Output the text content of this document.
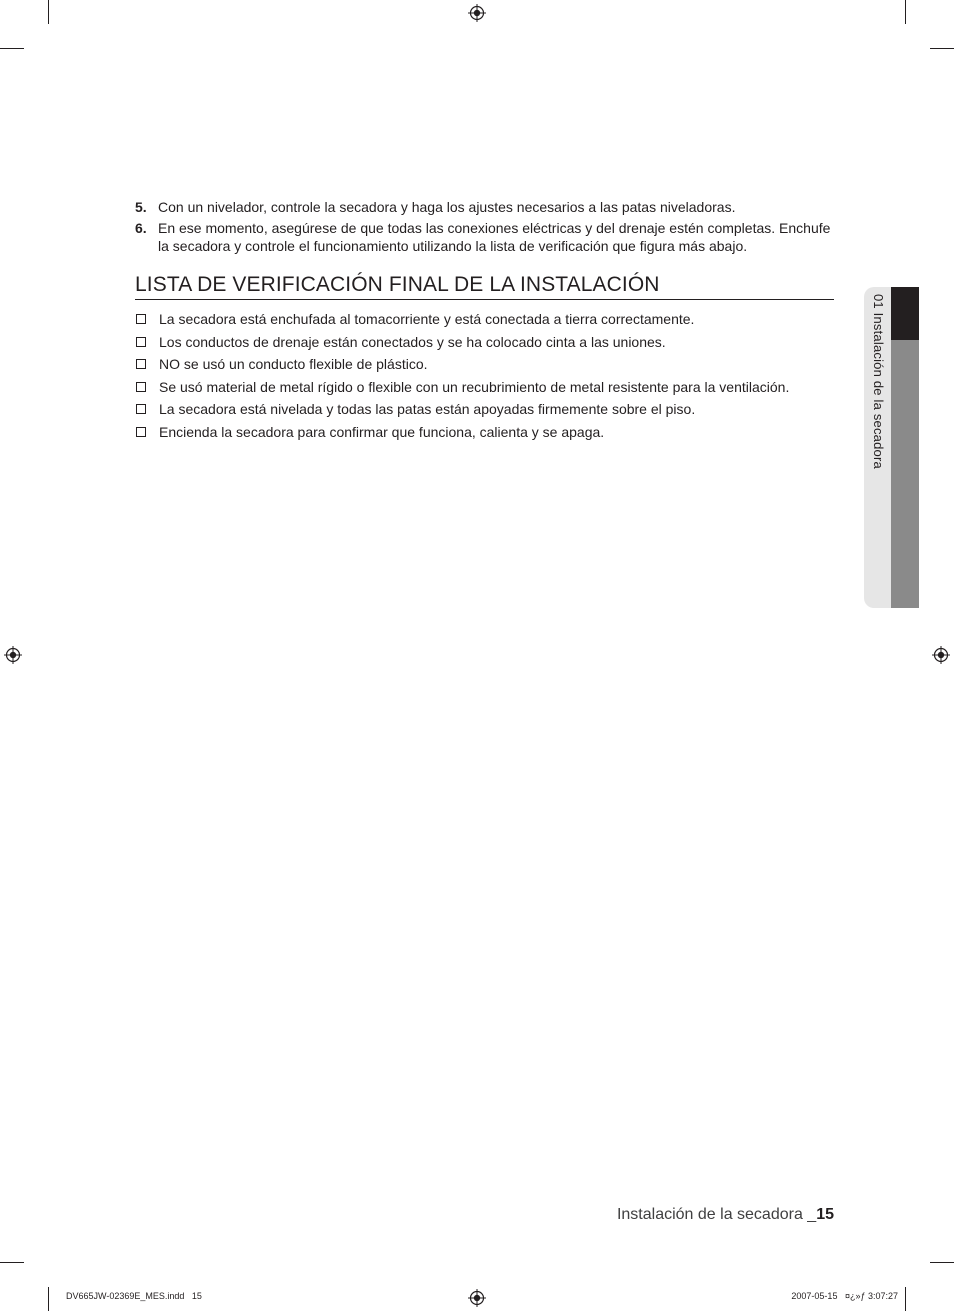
5. Con un nivelador, controle la secadora y haga los ajustes necesarios a las patas niveladoras.
6. En ese momento, asegúrese de que todas las conexiones eléctricas y del drenaje estén completas. Enchufe la secadora y controle el funcionamiento utilizando la lista de verificación que figura más abajo.
LISTA DE VERIFICACIÓN FINAL DE LA INSTALACIÓN
La secadora está enchufada al tomacorriente y está conectada a tierra correctamente.
Los conductos de drenaje están conectados y se ha colocado cinta a las uniones.
NO se usó un conducto flexible de plástico.
Se usó material de metal rígido o flexible con un recubrimiento de metal resistente para la ventilación.
La secadora está nivelada y todas las patas están apoyadas firmemente sobre el piso.
Encienda la secadora para confirmar que funciona, calienta y se apaga.	01 Instalación de la secadora
Instalación de la secadora _15
DV665JW-02369E_MES.indd   15	2007-05-15   ¤¿»ƒ 3:07:27
